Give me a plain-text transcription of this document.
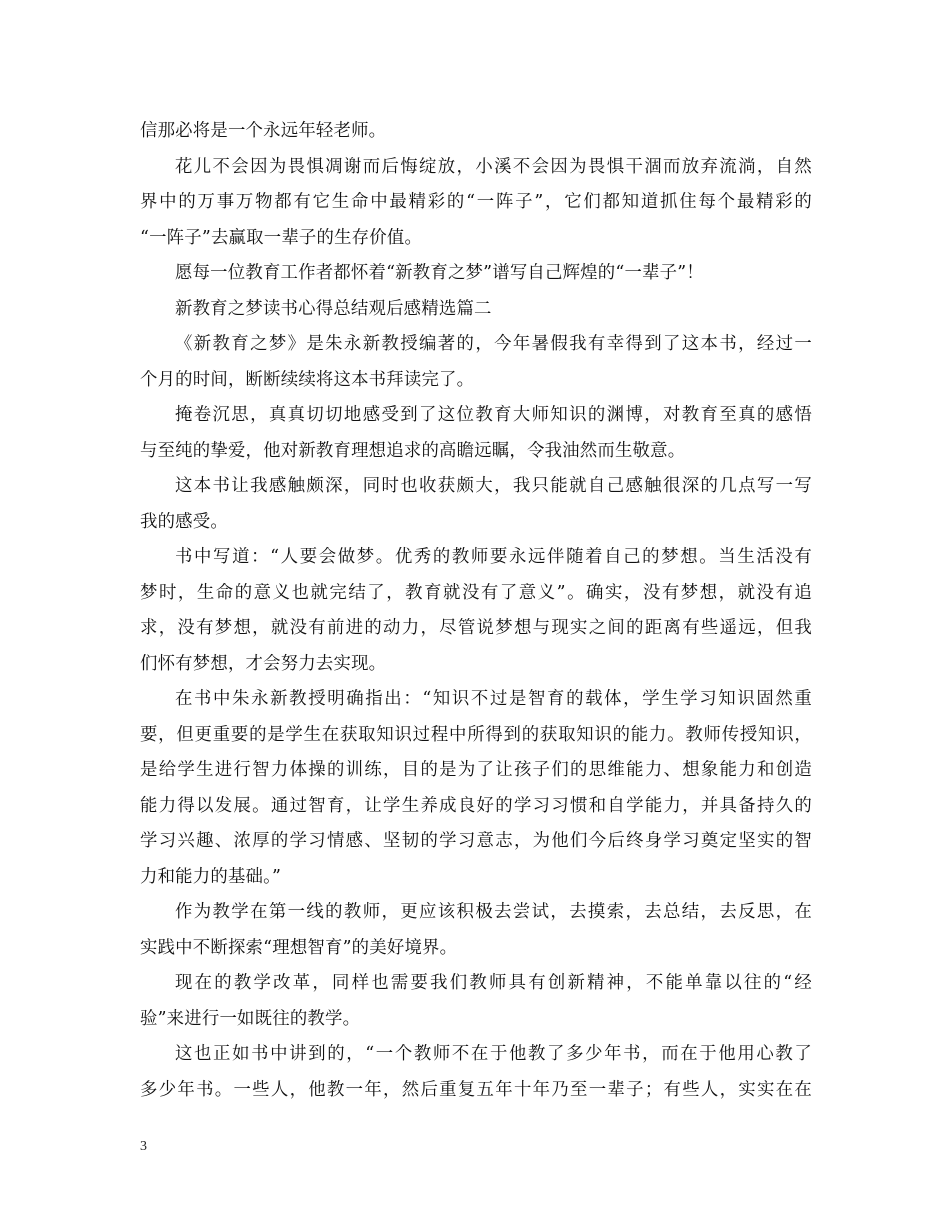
信那必将是一个永远年轻老师。
花儿不会因为畏惧凋谢而后悔绽放，小溪不会因为畏惧干涸而放弃流淌，自然
界中的万事万物都有它生命中最精彩的“一阵子”，它们都知道抓住每个最精彩的
“一阵子”去赢取一辈子的生存价值。
愿每一位教育工作者都怀着“新教育之梦”谱写自己辉煌的“一辈子”！
新教育之梦读书心得总结观后感精选篇二
《新教育之梦》是朱永新教授编著的，今年暑假我有幸得到了这本书，经过一
个月的时间，断断续续将这本书拜读完了。
掩卷沉思，真真切切地感受到了这位教育大师知识的渊博，对教育至真的感悟
与至纯的挚爱，他对新教育理想追求的高瞻远瞩，令我油然而生敬意。
这本书让我感触颇深，同时也收获颇大，我只能就自己感触很深的几点写一写
我的感受。
书中写道：“人要会做梦。优秀的教师要永远伴随着自己的梦想。当生活没有
梦时，生命的意义也就完结了，教育就没有了意义”。确实，没有梦想，就没有追
求，没有梦想，就没有前进的动力，尽管说梦想与现实之间的距离有些遥远，但我
们怀有梦想，才会努力去实现。
在书中朱永新教授明确指出：“知识不过是智育的载体，学生学习知识固然重
要，但更重要的是学生在获取知识过程中所得到的获取知识的能力。教师传授知识，
是给学生进行智力体操的训练，目的是为了让孩子们的思维能力、想象能力和创造
能力得以发展。通过智育，让学生养成良好的学习习惯和自学能力，并具备持久的
学习兴趣、浓厚的学习情感、坚韧的学习意志，为他们今后终身学习奠定坚实的智
力和能力的基础。”
作为教学在第一线的教师，更应该积极去尝试，去摸索，去总结，去反思，在
实践中不断探索“理想智育”的美好境界。
现在的教学改革，同样也需要我们教师具有创新精神，不能单靠以往的“经
验”来进行一如既往的教学。
这也正如书中讲到的，“一个教师不在于他教了多少年书，而在于他用心教了
多少年书。一些人，他教一年，然后重复五年十年乃至一辈子；有些人，实实在在
3
